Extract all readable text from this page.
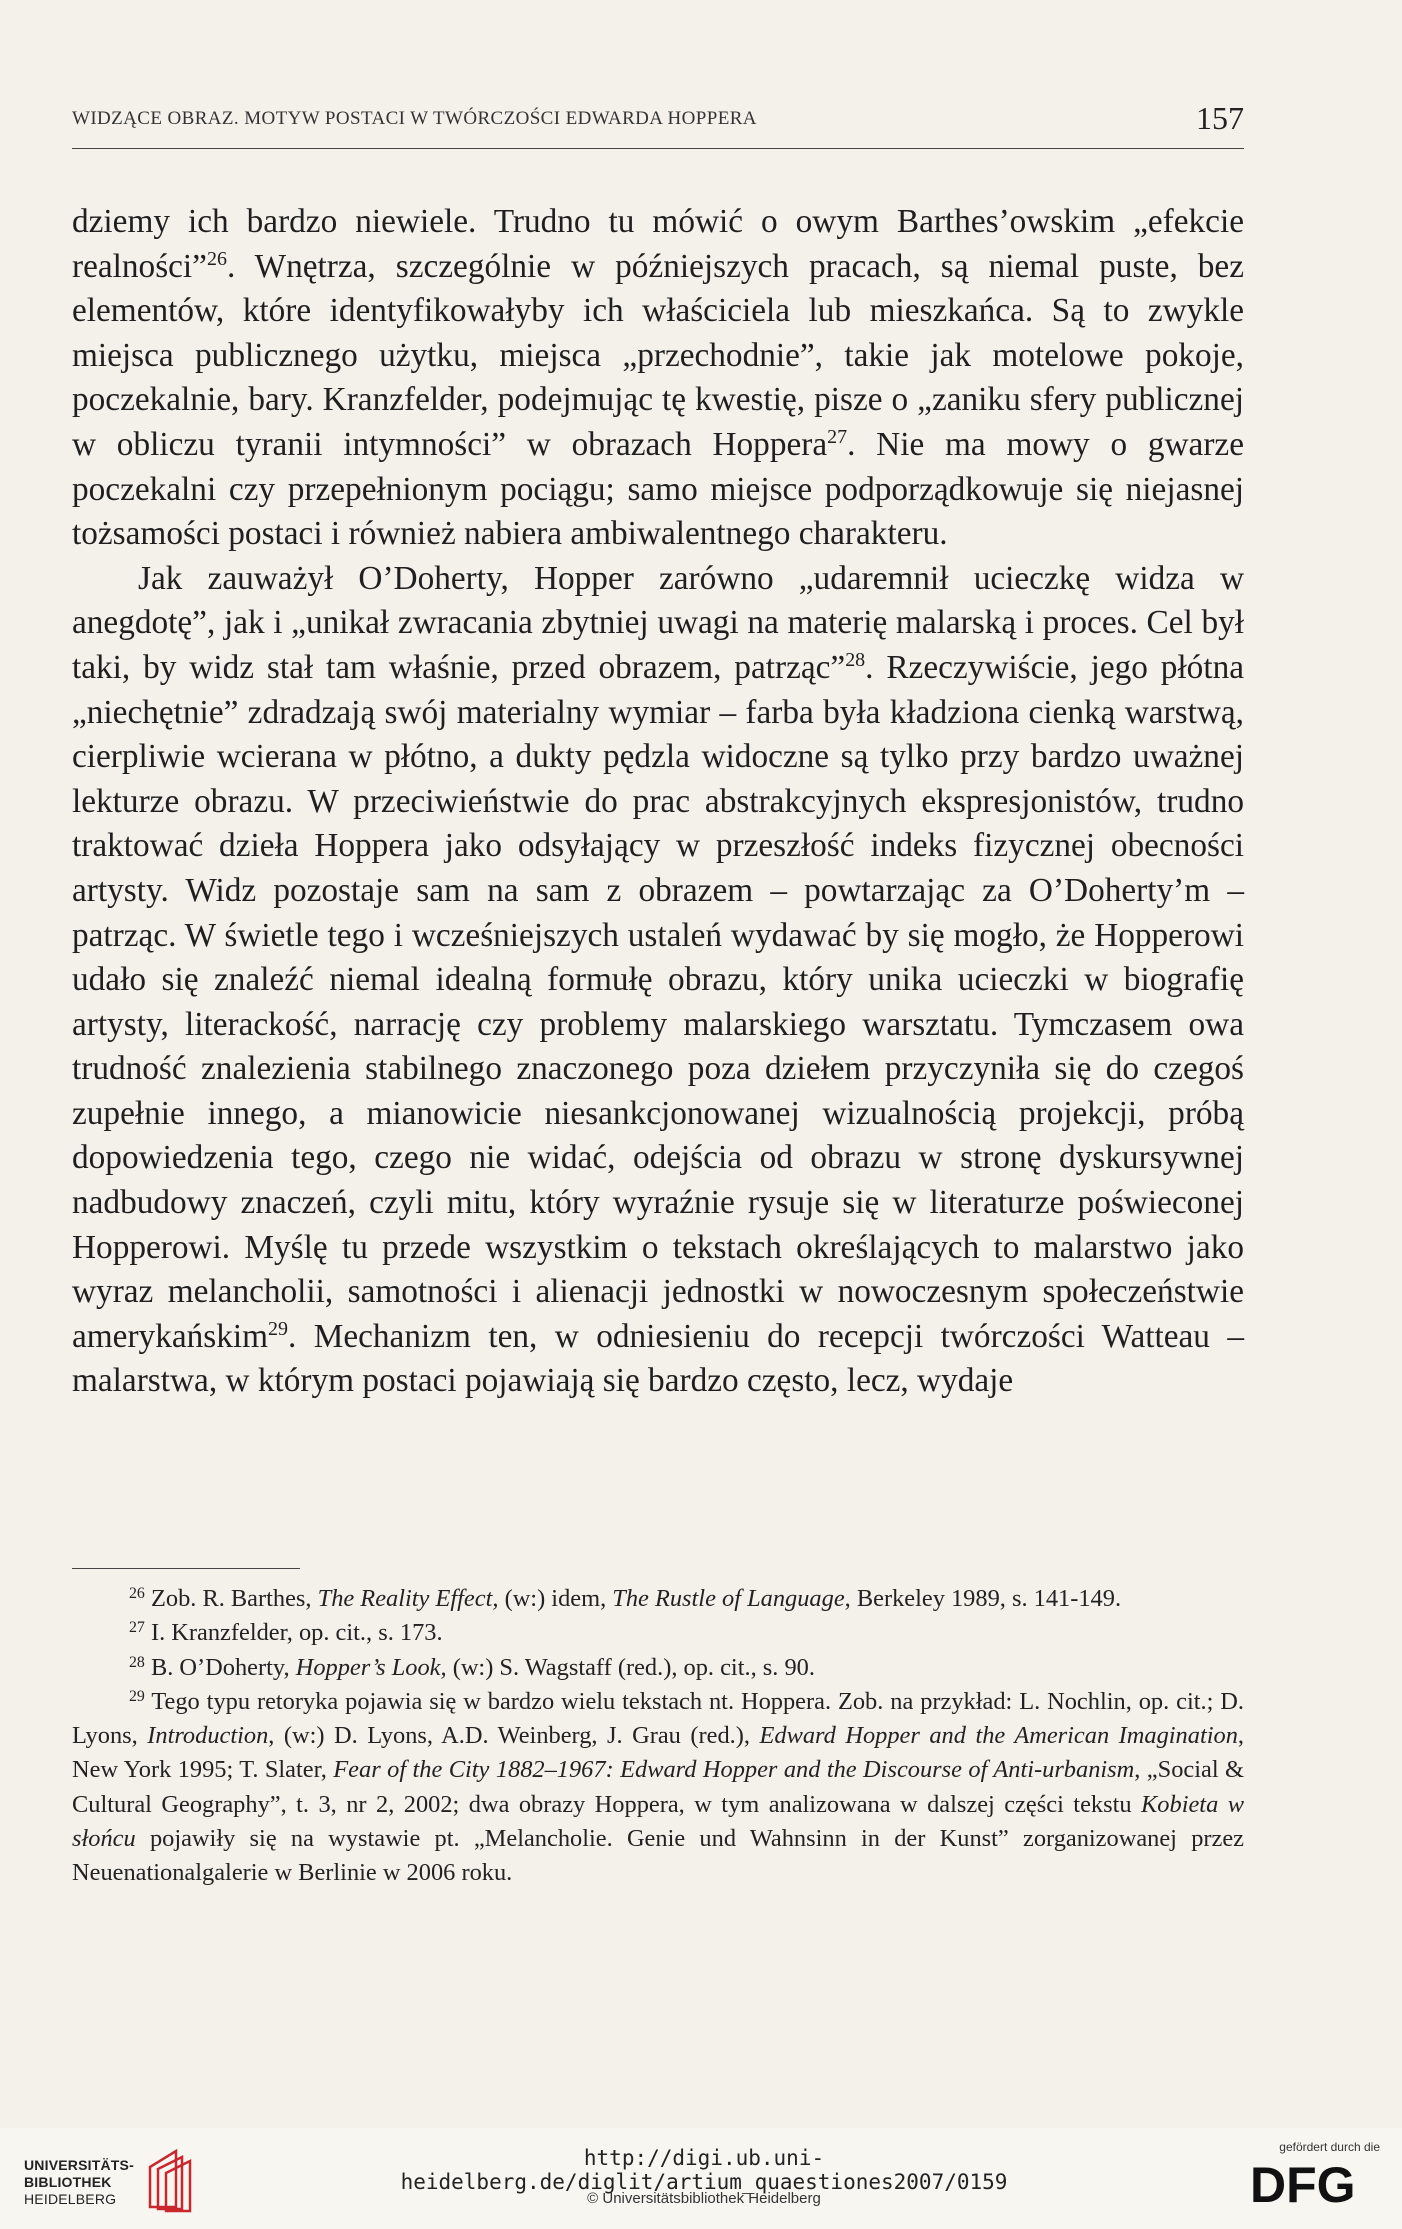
WIDZĄCE OBRAZ. MOTYW POSTACI W TWÓRCZOŚCI EDWARDA HOPPERA	157

dziemy ich bardzo niewiele. Trudno tu mówić o owym Barthes’owskim „efekcie realności”$^{26}$. Wnętrza, szczególnie w późniejszych pracach, są niemal puste, bez elementów, które identyfikowałyby ich właściciela lub mieszkańca. Są to zwykle miejsca publicznego użytku, miejsca „przechodnie”, takie jak motelowe pokoje, poczekalnie, bary. Kranzfelder, podejmując tę kwestię, pisze o „zaniku sfery publicznej w obliczu tyranii intymności” w obrazach Hoppera$^{27}$. Nie ma mowy o gwarze poczekalni czy przepełnionym pociągu; samo miejsce podporządkowuje się niejasnej tożsamości postaci i również nabiera ambiwalentnego charakteru.

Jak zauważył O’Doherty, Hopper zarówno „udaremnił ucieczkę widza w anegdotę”, jak i „unikał zwracania zbytniej uwagi na materię malarską i proces. Cel był taki, by widz stał tam właśnie, przed obrazem, patrząc”$^{28}$. Rzeczywiście, jego płótna „niechętnie” zdradzają swój materialny wymiar – farba była kładziona cienką warstwą, cierpliwie wcierana w płótno, a dukty pędzla widoczne są tylko przy bardzo uważnej lekturze obrazu. W przeciwieństwie do prac abstrakcyjnych ekspresjonistów, trudno traktować dzieła Hoppera jako odsyłający w przeszłość indeks fizycznej obecności artysty. Widz pozostaje sam na sam z obrazem – powtarzając za O’Doherty’m – patrząc. W świetle tego i wcześniejszych ustaleń wydawać by się mogło, że Hopperowi udało się znaleźć niemal idealną formułę obrazu, który unika ucieczki w biografię artysty, literackość, narrację czy problemy malarskiego warsztatu. Tymczasem owa trudność znalezienia stabilnego znaczonego poza dziełem przyczyniła się do czegoś zupełnie innego, a mianowicie niesankcjonowanej wizualnością projekcji, próbą dopowiedzenia tego, czego nie widać, odejścia od obrazu w stronę dyskursywnej nadbudowy znaczeń, czyli mitu, który wyraźnie rysuje się w literaturze poświeconej Hopperowi. Myślę tu przede wszystkim o tekstach określających to malarstwo jako wyraz melancholii, samotności i alienacji jednostki w nowoczesnym społeczeństwie amerykańskim$^{29}$. Mechanizm ten, w odniesieniu do recepcji twórczości Watteau – malarstwa, w którym postaci pojawiają się bardzo często, lecz, wydaje

$^{26}$ Zob. R. Barthes, The Reality Effect, (w:) idem, The Rustle of Language, Berkeley 1989, s. 141-149.

$^{27}$ I. Kranzfelder, op. cit., s. 173.

$^{28}$ B. O’Doherty, Hopper’s Look, (w:) S. Wagstaff (red.), op. cit., s. 90.

$^{29}$ Tego typu retoryka pojawia się w bardzo wielu tekstach nt. Hoppera. Zob. na przykład: L. Nochlin, op. cit.; D. Lyons, Introduction, (w:) D. Lyons, A.D. Weinberg, J. Grau (red.), Edward Hopper and the American Imagination, New York 1995; T. Slater, Fear of the City 1882–1967: Edward Hopper and the Discourse of Anti-urbanism, „Social & Cultural Geography”, t. 3, nr 2, 2002; dwa obrazy Hoppera, w tym analizowana w dalszej części tekstu Kobieta w słońcu pojawiły się na wystawie pt. „Melancholie. Genie und Wahnsinn in der Kunst” zorganizowanej przez Neuenationalgalerie w Berlinie w 2006 roku.

UNIVERSITÄTS-
BIBLIOTHEK
HEIDELBERG
http://digi.ub.uni-heidelberg.de/diglit/artium_quaestiones2007/0159
© Universitätsbibliothek Heidelberg
gefördert durch die
DFG
